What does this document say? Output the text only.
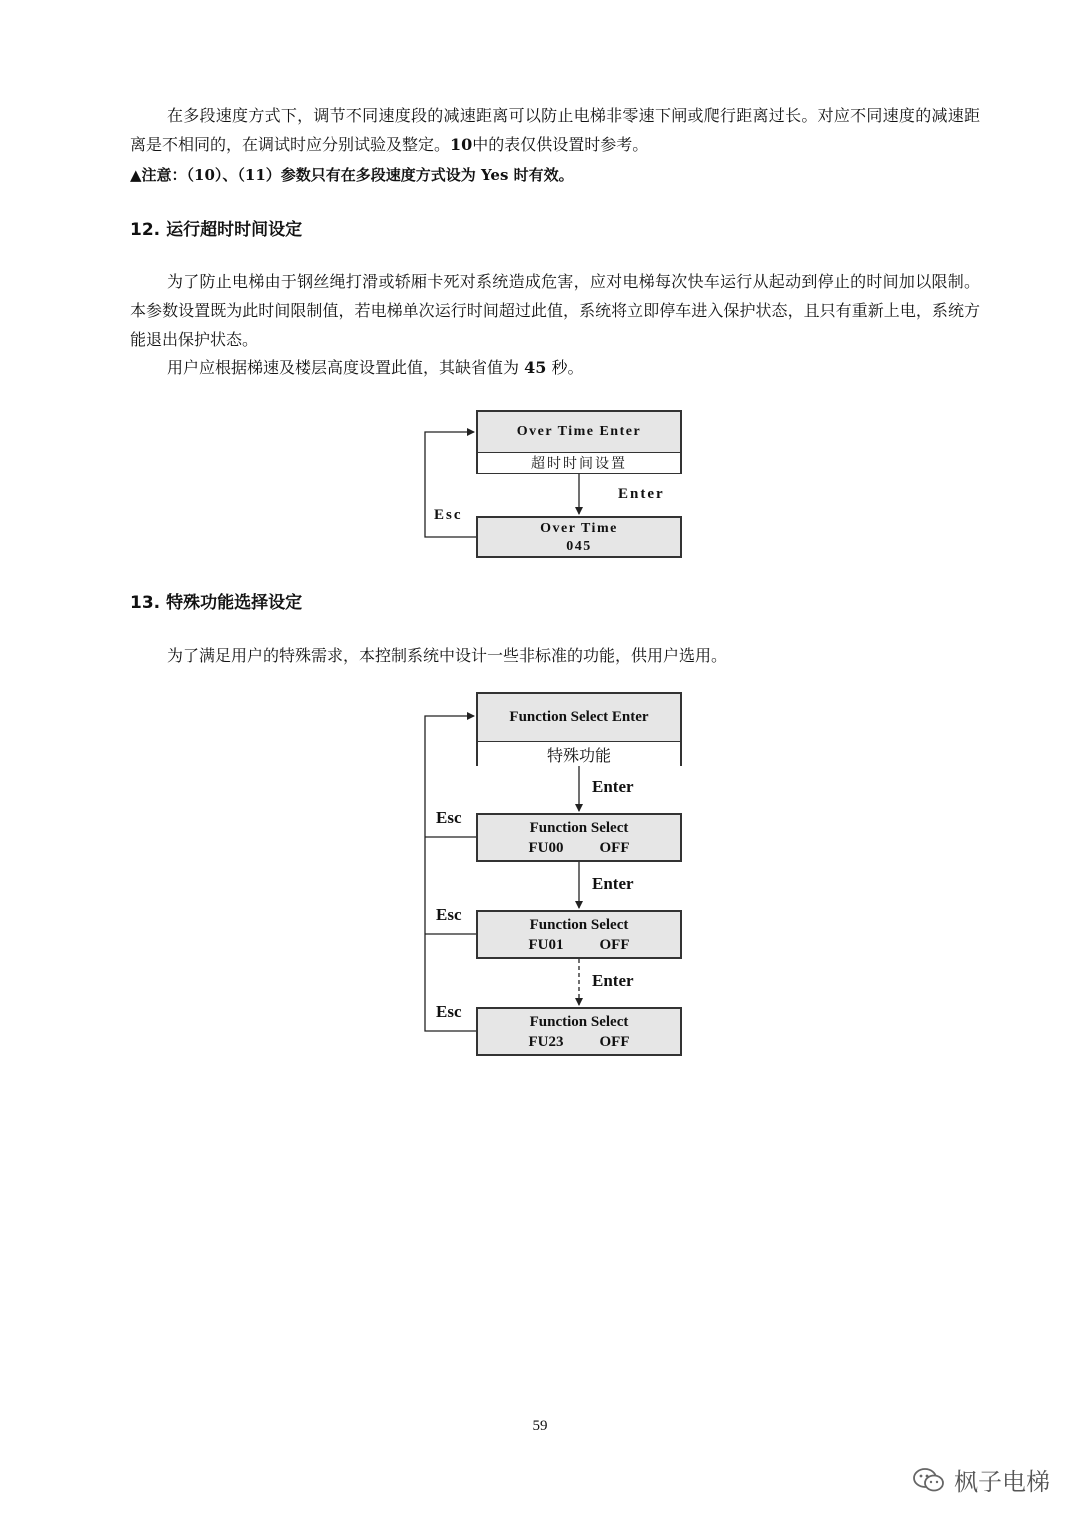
在多段速度方式下，调节不同速度段的减速距离可以防止电梯非零速下闸或爬行距离过长。对应不同速度的减速距离是不相同的，在调试时应分别试验及整定。10中的表仅供设置时参考。

▲注意：（10）、（11）参数只有在多段速度方式设为 Yes 时有效。

12. 运行超时时间设定

为了防止电梯由于钢丝绳打滑或轿厢卡死对系统造成危害，应对电梯每次快车运行从起动到停止的时间加以限制。本参数设置既为此时间限制值，若电梯单次运行时间超过此值，系统将立即停车进入保护状态，且只有重新上电，系统方能退出保护状态。

用户应根据梯速及楼层高度设置此值，其缺省值为 45 秒。

Over Time Enter
超时时间设置

Enter

Esc

Over Time
045
13. 特殊功能选择设定

为了满足用户的特殊需求，本控制系统中设计一些非标准的功能，供用户选用。

Function Select Enter
特殊功能

Enter

Esc

Function Select
FU00 OFF

Enter

Esc

Function Select
FU01 OFF

Enter

Esc

Function Select
FU23 OFF
59
枫子电梯
